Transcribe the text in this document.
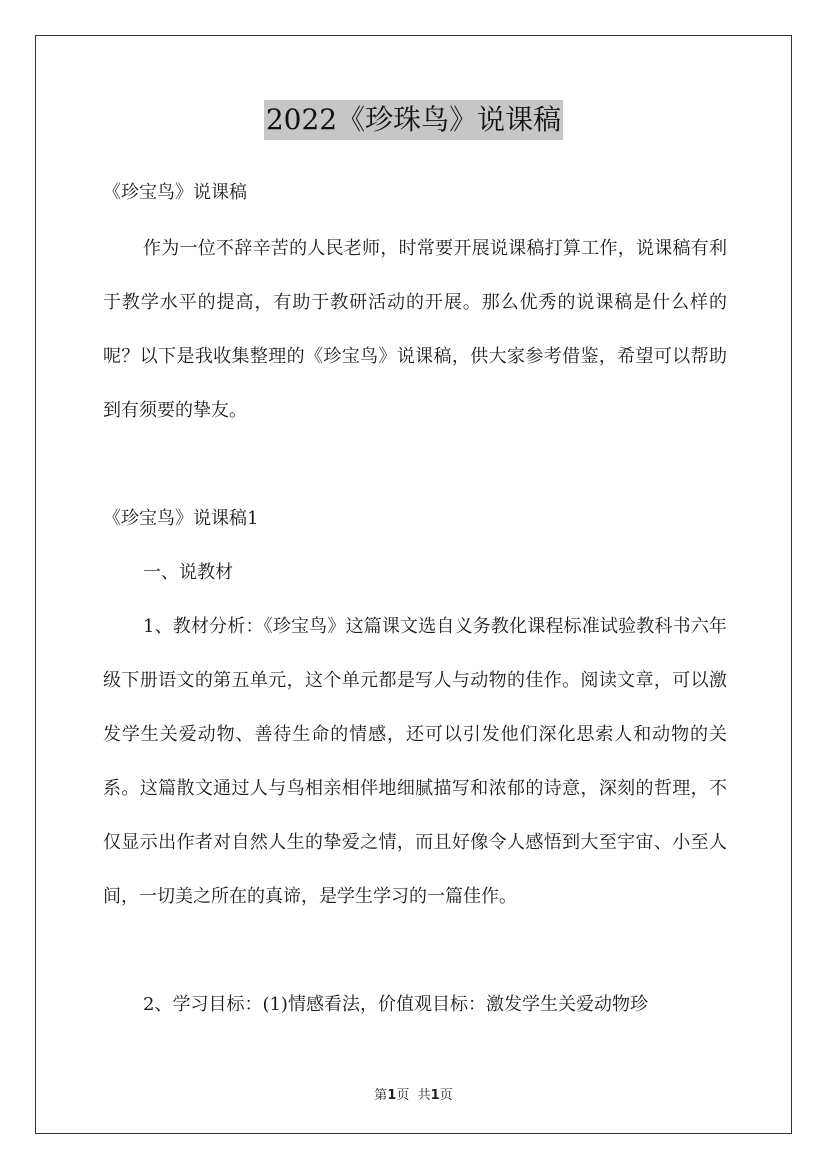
2022《珍珠鸟》说课稿
《珍宝鸟》说课稿
作为一位不辞辛苦的人民老师，时常要开展说课稿打算工作，说课稿有利于教学水平的提高，有助于教研活动的开展。那么优秀的说课稿是什么样的呢？以下是我收集整理的《珍宝鸟》说课稿，供大家参考借鉴，希望可以帮助到有须要的挚友。
《珍宝鸟》说课稿1
一、说教材
1、教材分析：《珍宝鸟》这篇课文选自义务教化课程标准试验教科书六年级下册语文的第五单元，这个单元都是写人与动物的佳作。阅读文章，可以激发学生关爱动物、善待生命的情感，还可以引发他们深化思索人和动物的关系。这篇散文通过人与鸟相亲相伴地细腻描写和浓郁的诗意，深刻的哲理，不仅显示出作者对自然人生的挚爱之情，而且好像令人感悟到大至宇宙、小至人间，一切美之所在的真谛，是学生学习的一篇佳作。
2、学习目标：(1)情感看法，价值观目标：激发学生关爱动物珍
第1页 共1页
